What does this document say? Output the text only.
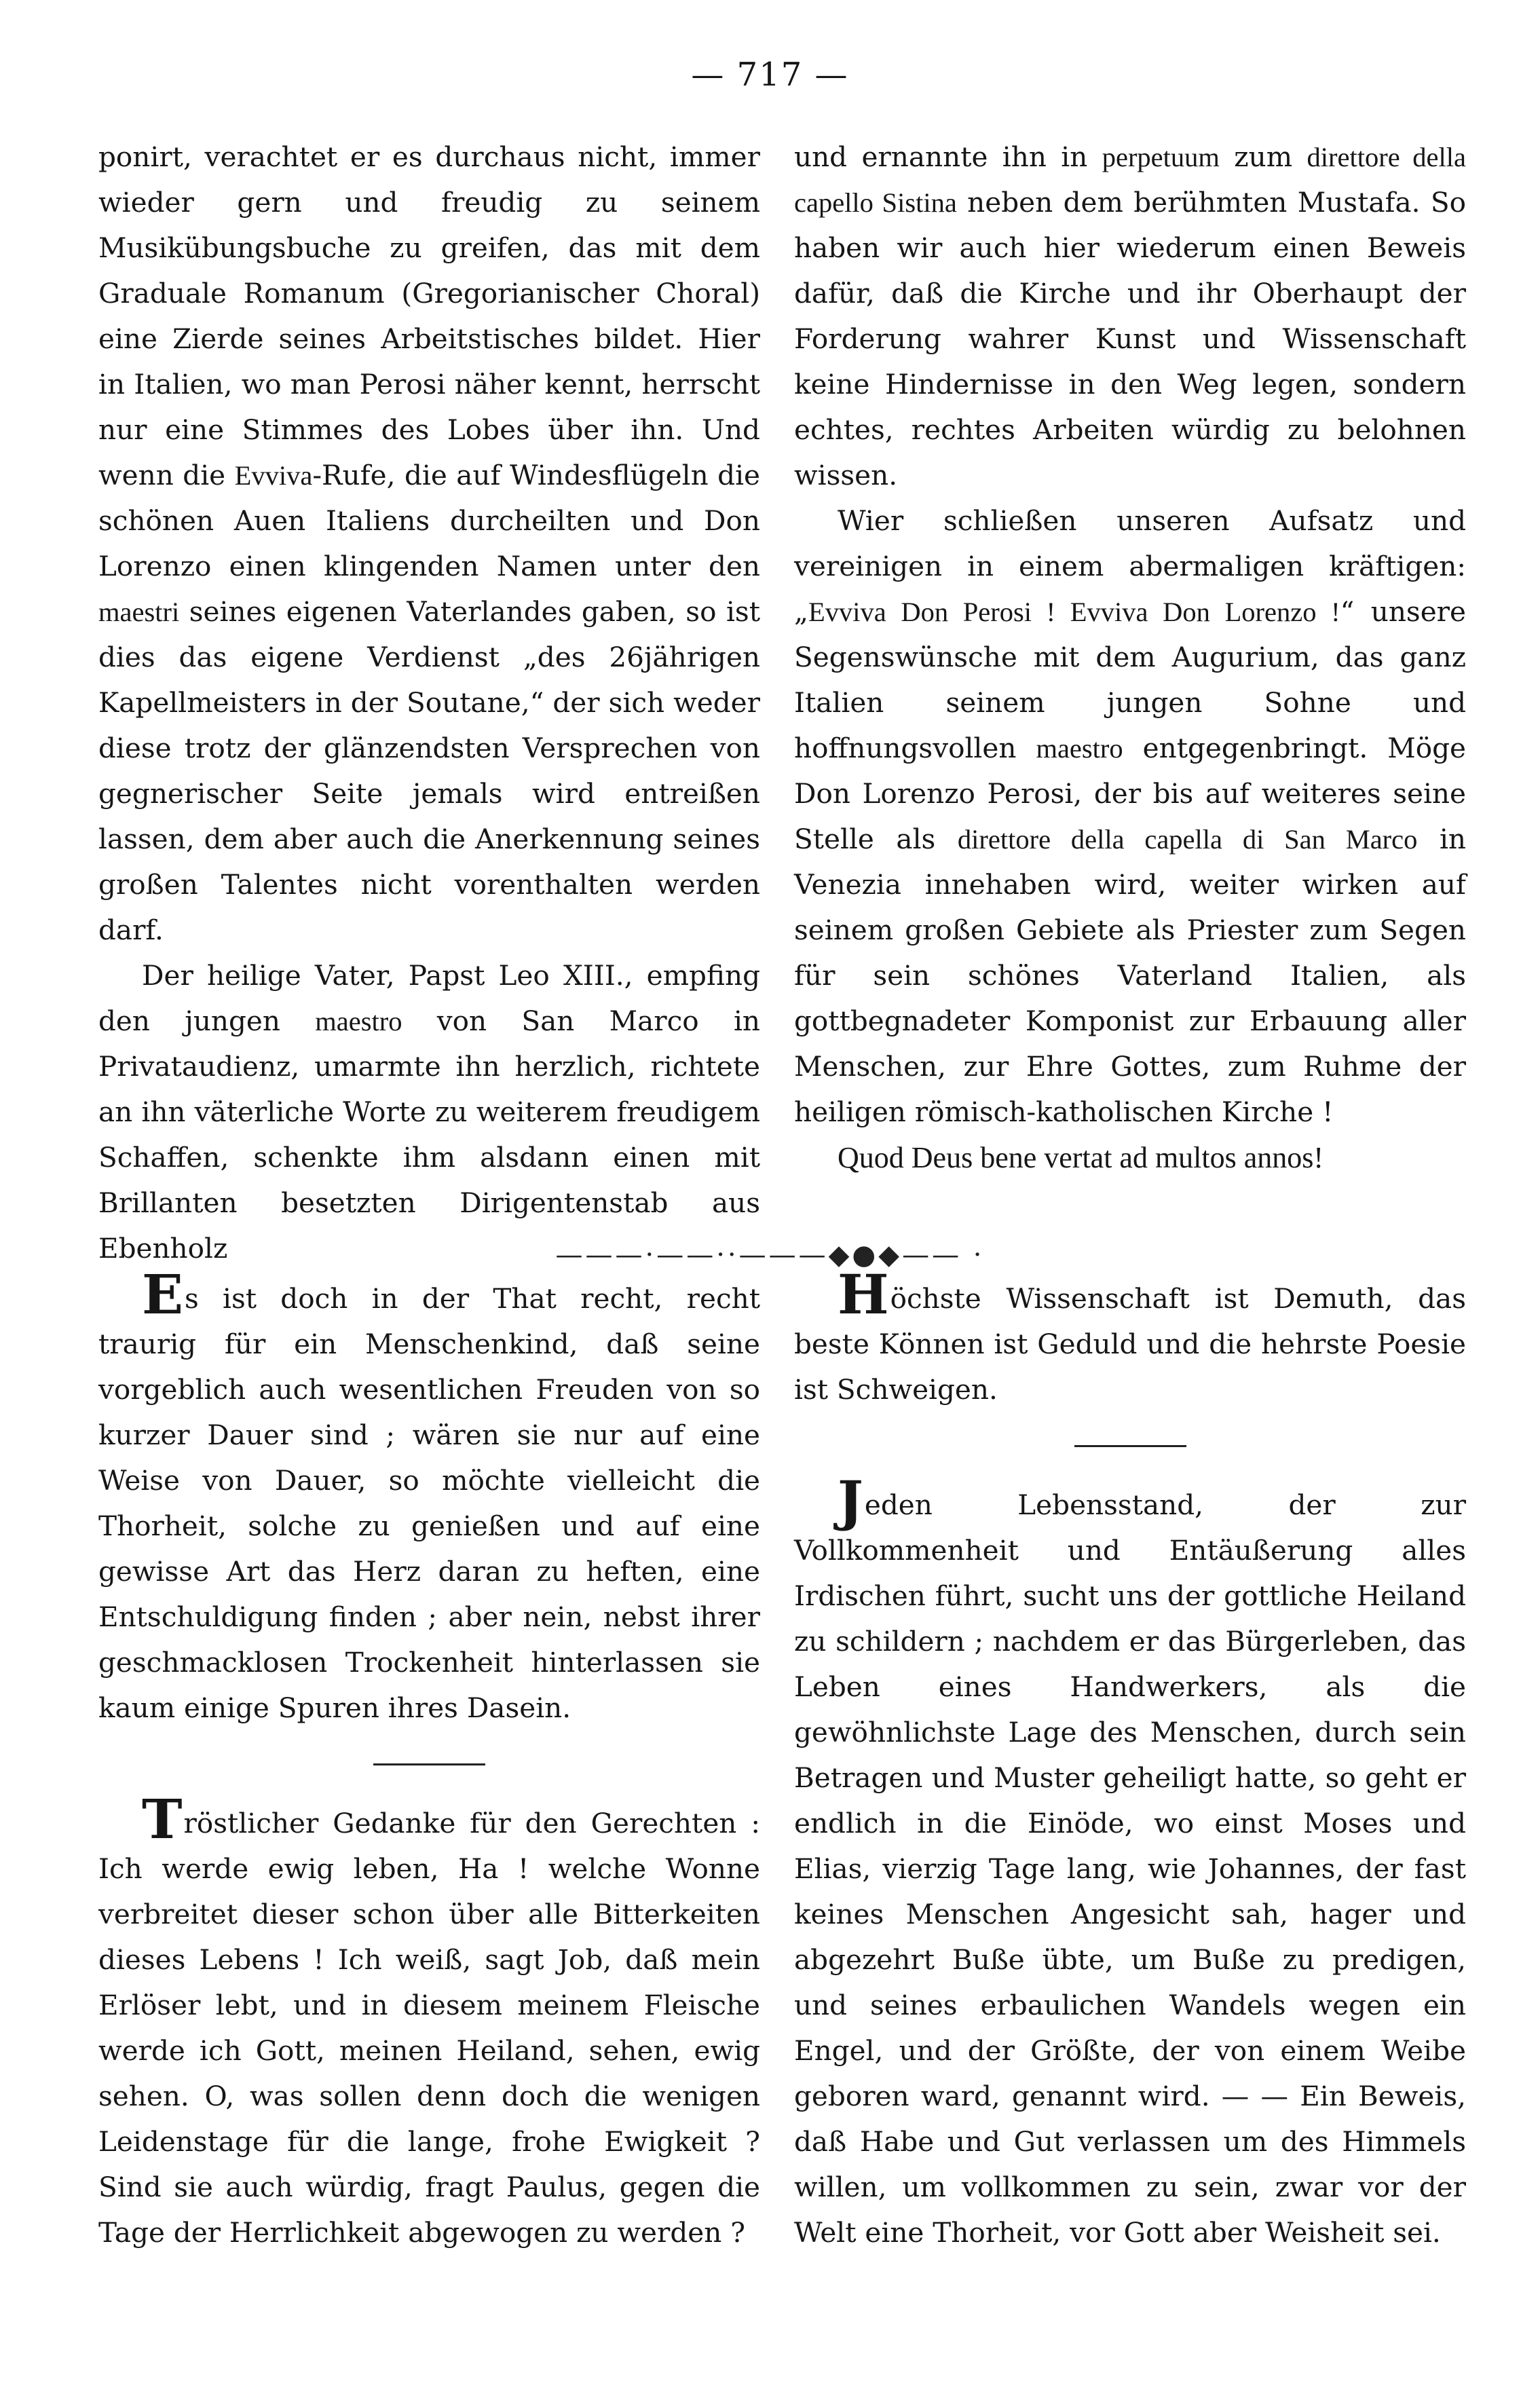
— 717 —

ponirt, verachtet er es durchaus nicht, immer wieder gern und freudig zu seinem Musikübungsbuche zu greifen, das mit dem Graduale Romanum (Gregorianischer Choral) eine Zierde seines Arbeitstisches bildet. Hier in Italien, wo man Perosi näher kennt, herrscht nur eine Stimmes des Lobes über ihn. Und wenn die Evviva-Rufe, die auf Windesflügeln die schönen Auen Italiens durcheilten und Don Lorenzo einen klingenden Namen unter den maestri seines eigenen Vaterlandes gaben, so ist dies das eigene Verdienst „des 26jährigen Kapellmeisters in der Soutane,“ der sich weder diese trotz der glänzendsten Versprechen von gegnerischer Seite jemals wird entreißen lassen, dem aber auch die Anerkennung seines großen Talentes nicht vorenthalten werden darf.

Der heilige Vater, Papst Leo XIII., empfing den jungen maestro von San Marco in Privataudienz, umarmte ihn herzlich, richtete an ihn väterliche Worte zu weiterem freudigem Schaffen, schenkte ihm alsdann einen mit Brillanten besetzten Dirigentenstab aus Ebenholz

und ernannte ihn in perpetuum zum direttore della capello Sistina neben dem berühmten Mustafa. So haben wir auch hier wiederum einen Beweis dafür, daß die Kirche und ihr Oberhaupt der Forderung wahrer Kunst und Wissenschaft keine Hindernisse in den Weg legen, sondern echtes, rechtes Arbeiten würdig zu belohnen wissen.

Wier schließen unseren Aufsatz und vereinigen in einem abermaligen kräftigen: „Evviva Don Perosi ! Evviva Don Lorenzo !“ unsere Segenswünsche mit dem Augurium, das ganz Italien seinem jungen Sohne und hoffnungsvollen maestro entgegenbringt. Möge Don Lorenzo Perosi, der bis auf weiteres seine Stelle als direttore della capella di San Marco in Venezia innehaben wird, weiter wirken auf seinem großen Gebiete als Priester zum Segen für sein schönes Vaterland Italien, als gottbegnadeter Komponist zur Erbauung aller Menschen, zur Ehre Gottes, zum Ruhme der heiligen römisch-katholischen Kirche !

Quod Deus bene vertat ad multos annos!

———·——··———◆●◆—— ·

Es ist doch in der That recht, recht traurig für ein Menschenkind, daß seine vorgeblich auch wesentlichen Freuden von so kurzer Dauer sind ; wären sie nur auf eine Weise von Dauer, so möchte vielleicht die Thorheit, solche zu genießen und auf eine gewisse Art das Herz daran zu heften, eine Entschuldigung finden ; aber nein, nebst ihrer geschmacklosen Trockenheit hinterlassen sie kaum einige Spuren ihres Dasein.

Tröstlicher Gedanke für den Gerechten : Ich werde ewig leben, Ha ! welche Wonne verbreitet dieser schon über alle Bitterkeiten dieses Lebens ! Ich weiß, sagt Job, daß mein Erlöser lebt, und in diesem meinem Fleische werde ich Gott, meinen Heiland, sehen, ewig sehen. O, was sollen denn doch die wenigen Leidenstage für die lange, frohe Ewigkeit ? Sind sie auch würdig, fragt Paulus, gegen die Tage der Herrlichkeit abgewogen zu werden ?

Höchste Wissenschaft ist Demuth, das beste Können ist Geduld und die hehrste Poesie ist Schweigen.

Jeden Lebensstand, der zur Vollkommenheit und Entäußerung alles Irdischen führt, sucht uns der gottliche Heiland zu schildern ; nachdem er das Bürgerleben, das Leben eines Handwerkers, als die gewöhnlichste Lage des Menschen, durch sein Betragen und Muster geheiligt hatte, so geht er endlich in die Einöde, wo einst Moses und Elias, vierzig Tage lang, wie Johannes, der fast keines Menschen Angesicht sah, hager und abgezehrt Buße übte, um Buße zu predigen, und seines erbaulichen Wandels wegen ein Engel, und der Größte, der von einem Weibe geboren ward, genannt wird. — — Ein Beweis, daß Habe und Gut verlassen um des Himmels willen, um vollkommen zu sein, zwar vor der Welt eine Thorheit, vor Gott aber Weisheit sei.
